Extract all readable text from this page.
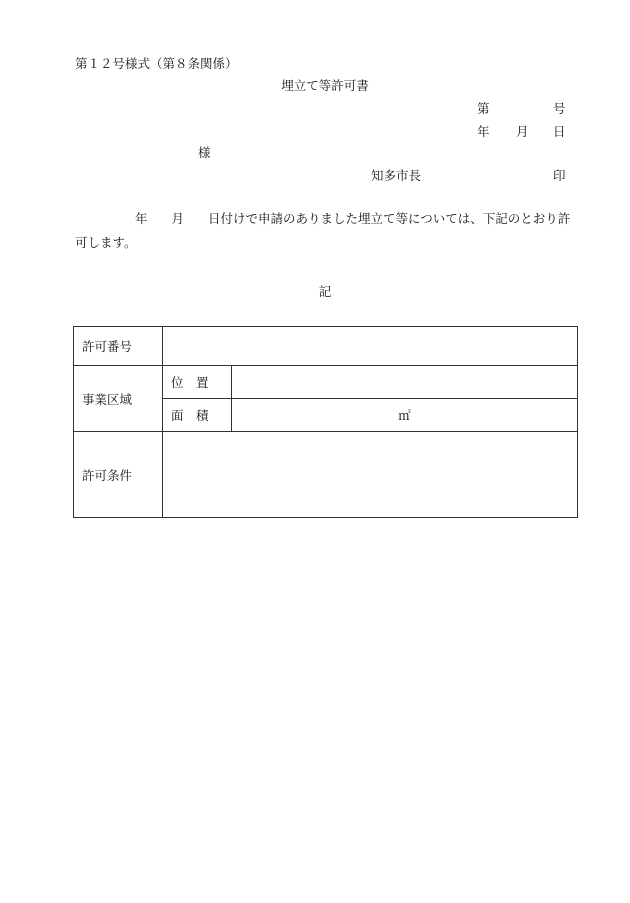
第１２号様式（第８条関係）
埋立て等許可書
第	号
年 月 日
様
知多市長	印
年 月 日付けで申請のありました埋立て等については、下記のとおり許
可します。
記
許可番号		
事業区域	位　置	
	面　積	㎡
許可条件		
